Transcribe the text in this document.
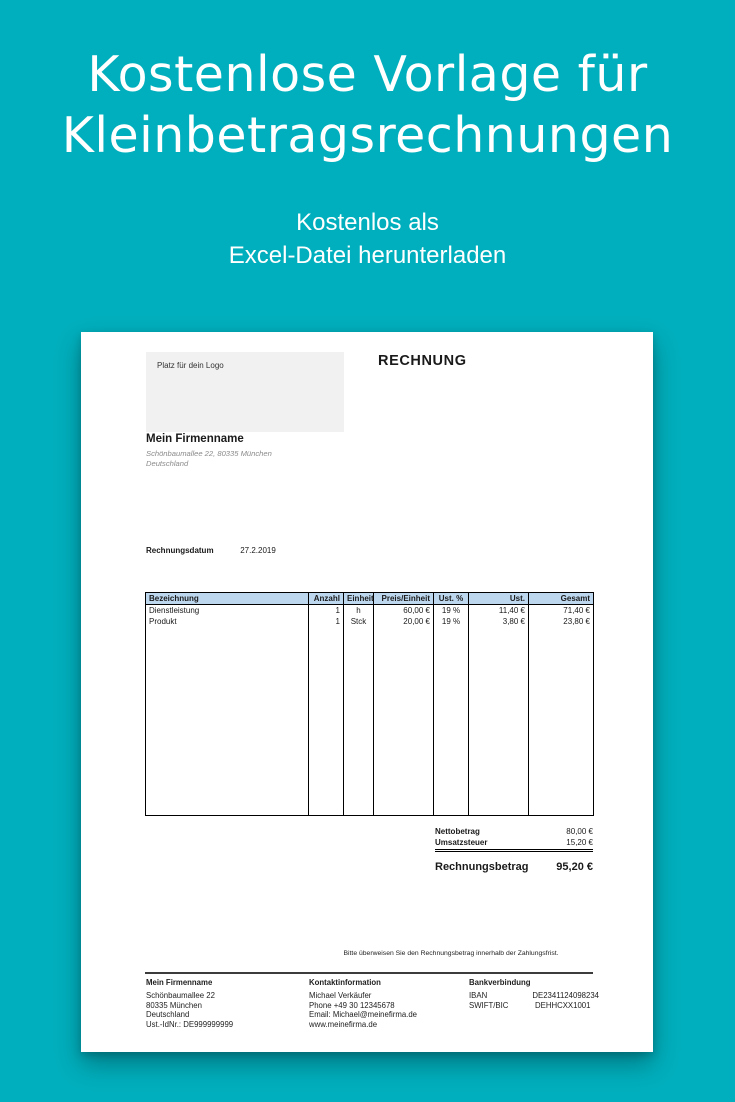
Kostenlose Vorlage für
Kleinbetragsrechnungen
Kostenlos als
Excel-Datei herunterladen
Platz für dein Logo	RECHNUNG
Mein Firmenname
Schönbaumallee 22, 80335 München
Deutschland
Rechnungsdatum	27.2.2019
Bezeichnung	Anzahl	Einheit	Preis/Einheit	Ust. %	Ust.	Gesamt
Dienstleistung	1	h	60,00 €	19 %	11,40 €	71,40 €
Produkt	1	Stck	20,00 €	19 %	3,80 €	23,80 €

Nettobetrag	80,00 €
Umsatzsteuer	15,20 €
Rechnungsbetrag	95,20 €
Bitte überweisen Sie den Rechnungsbetrag innerhalb der Zahlungsfrist.
Mein Firmenname
Schönbaumallee 22
80335 München
Deutschland
Ust.-IdNr.: DE999999999
Kontaktinformation
Michael Verkäufer
Phone +49 30 12345678
Email: Michael@meinefirma.de
www.meinefirma.de
Bankverbindung
IBAN	DE2341124098234
SWIFT/BIC	DEHHCXX1001
